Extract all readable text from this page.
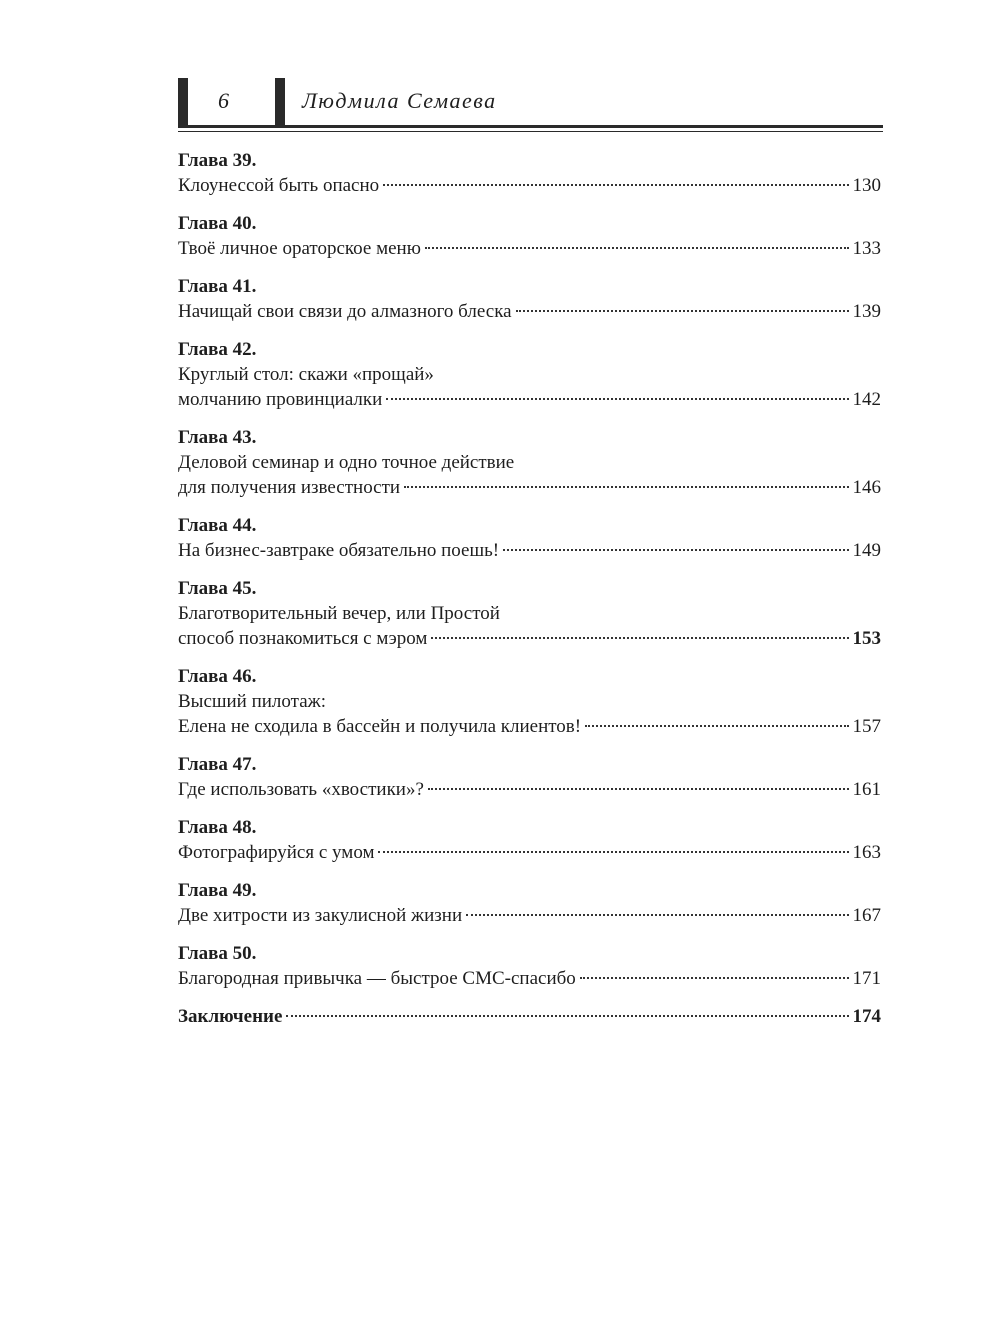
6	Людмила Семаева
Глава 39.
Клоунессой быть опасно	130
Глава 40.
Твоё личное ораторское меню	133
Глава 41.
Начищай свои связи до алмазного блеска	139
Глава 42.
Круглый стол: скажи «прощай»
молчанию провинциалки	142
Глава 43.
Деловой семинар и одно точное действие
для получения известности	146
Глава 44.
На бизнес-завтраке обязательно поешь!	149
Глава 45.
Благотворительный вечер, или Простой
способ познакомиться с мэром	153
Глава 46.
Высший пилотаж:
Елена не сходила в бассейн и получила клиентов!	157
Глава 47.
Где использовать «хвостики»?	161
Глава 48.
Фотографируйся с умом	163
Глава 49.
Две хитрости из закулисной жизни	167
Глава 50.
Благородная привычка — быстрое СМС-спасибо	171
Заключение	174
